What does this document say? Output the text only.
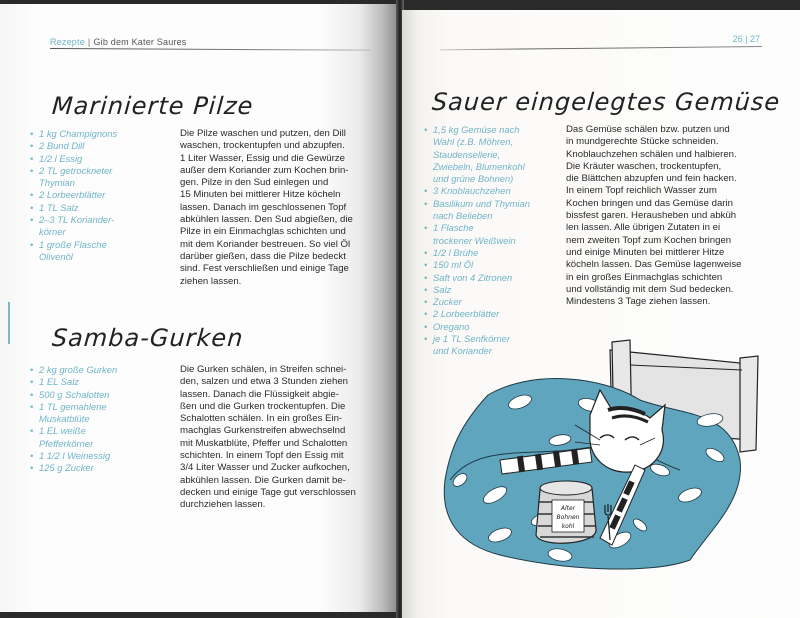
Rezepte | Gib dem Kater Saures
Marinierte Pilze
• 1 kg Champignons
• 2 Bund Dill
• 1/2 l Essig
• 2 TL getrockneter
Thymian
• 2 Lorbeerblätter
• 1 TL Salz
• 2–3 TL Koriander-
körner
• 1 große Flasche
Olivenöl
Die Pilze waschen und putzen, den Dill
waschen, trockentupfen und abzupfen.
1 Liter Wasser, Essig und die Gewürze
außer dem Koriander zum Kochen brin-
gen. Pilze in den Sud einlegen und
15 Minuten bei mittlerer Hitze köcheln
lassen. Danach im geschlossenen Topf
abkühlen lassen. Den Sud abgießen, die
Pilze in ein Einmachglas schichten und
mit dem Koriander bestreuen. So viel Öl
darüber gießen, dass die Pilze bedeckt
sind. Fest verschließen und einige Tage
ziehen lassen.
Samba-Gurken
• 2 kg große Gurken
• 1 EL Salz
• 500 g Schalotten
• 1 TL gemahlene
Muskatblüte
• 1 EL weiße
Pfefferkörner
• 1 1/2 l Weinessig
• 125 g Zucker
Die Gurken schälen, in Streifen schnei-
den, salzen und etwa 3 Stunden ziehen
lassen. Danach die Flüssigkeit abgie-
ßen und die Gurken trockentupfen. Die
Schalotten schälen. In ein großes Ein-
machglas Gurkenstreifen abwechselnd
mit Muskatblüte, Pfeffer und Schalotten
schichten. In einem Topf den Essig mit
3/4 Liter Wasser und Zucker aufkochen,
abkühlen lassen. Die Gurken damit be-
decken und einige Tage gut verschlossen
durchziehen lassen.
26 | 27
Sauer eingelegtes Gemüse
• 1,5 kg Gemüse nach
Wahl (z.B. Möhren,
Staudensellerie,
Zwiebeln, Blumenkohl
und grüne Bohnen)
• 3 Knoblauchzehen
• Basilikum und Thymian
nach Belieben
• 1 Flasche
trockener Weißwein
• 1/2 l Brühe
• 150 ml Öl
• Saft von 4 Zitronen
• Salz
• Zucker
• 2 Lorbeerblätter
• Oregano
• je 1 TL Senfkörner
und Koriander
Das Gemüse schälen bzw. putzen und
in mundgerechte Stücke schneiden.
Knoblauchzehen schälen und halbieren.
Die Kräuter waschen, trockentupfen,
die Blättchen abzupfen und fein hacken.
In einem Topf reichlich Wasser zum
Kochen bringen und das Gemüse darin
bissfest garen. Herausheben und abküh
len lassen. Alle übrigen Zutaten in ei
nem zweiten Topf zum Kochen bringen
und einige Minuten bei mittlerer Hitze
köcheln lassen. Das Gemüse lagenweise
in ein großes Einmachglas schichten
und vollständig mit dem Sud bedecken.
Mindestens 3 Tage ziehen lassen.
Alter
Bohnen
kohl
